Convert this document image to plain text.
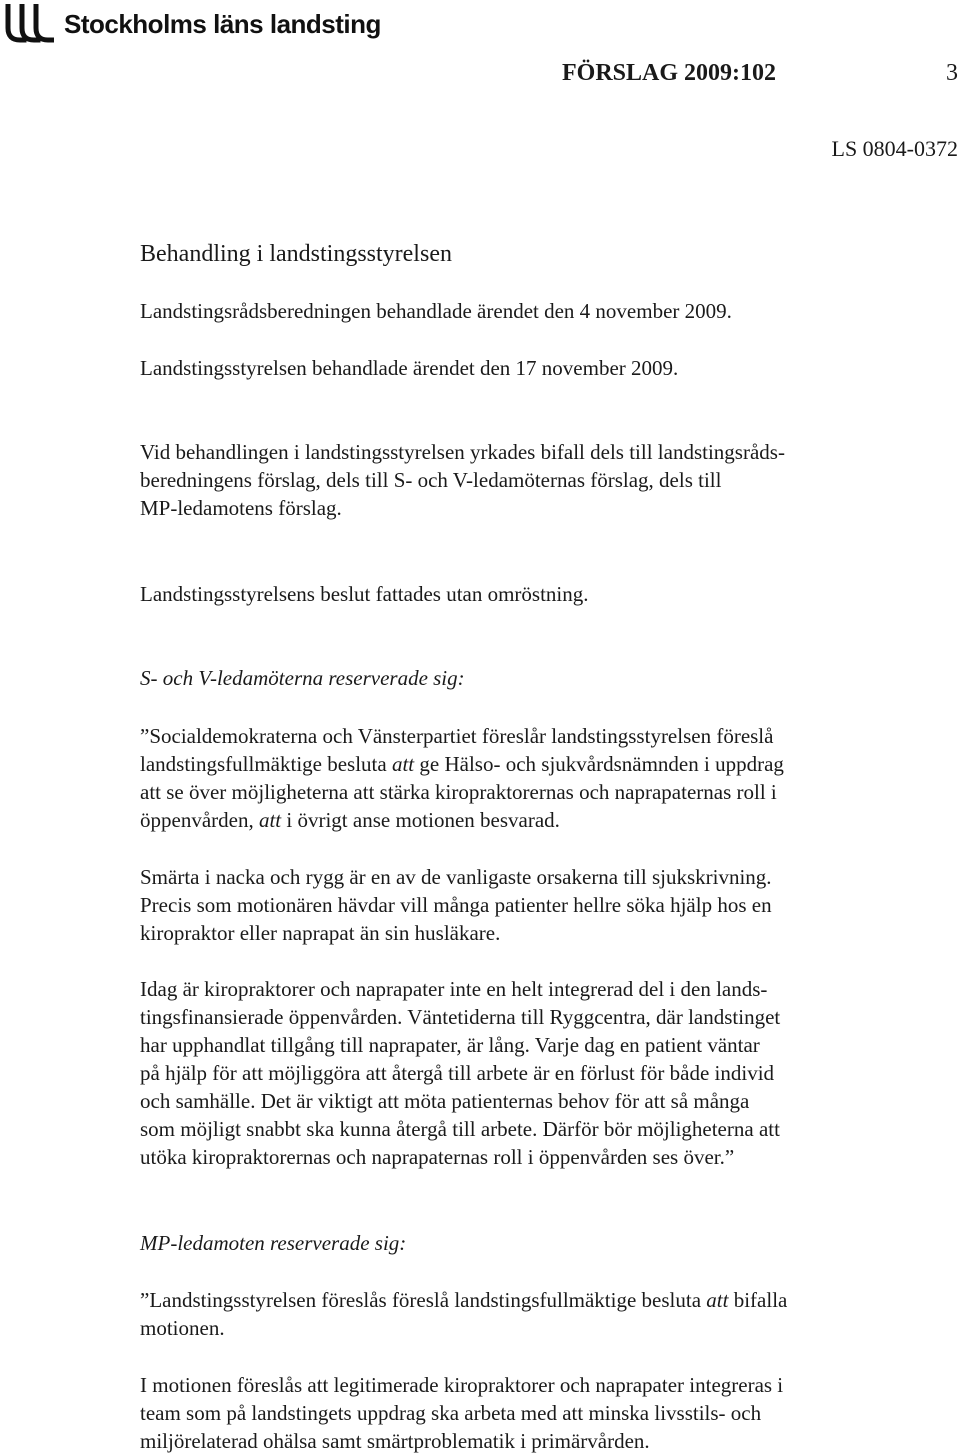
Stockholms läns landsting
FÖRSLAG 2009:102	3
LS 0804-0372
Behandling i landstingsstyrelsen

Landstingsrådsberedningen behandlade ärendet den 4 november 2009.

Landstingsstyrelsen behandlade ärendet den 17 november 2009.

Vid behandlingen i landstingsstyrelsen yrkades bifall dels till landstingsråds-

beredningens förslag, dels till S- och V-ledamöternas förslag, dels till

MP-ledamotens förslag.

Landstingsstyrelsens beslut fattades utan omröstning.

S- och V-ledamöterna reserverade sig:

”Socialdemokraterna och Vänsterpartiet föreslår landstingsstyrelsen föreslå

landstingsfullmäktige besluta att ge Hälso- och sjukvårdsnämnden i uppdrag

att se över möjligheterna att stärka kiropraktorernas och naprapaternas roll i

öppenvården, att i övrigt anse motionen besvarad.

Smärta i nacka och rygg är en av de vanligaste orsakerna till sjukskrivning.

Precis som motionären hävdar vill många patienter hellre söka hjälp hos en

kiropraktor eller naprapat än sin husläkare.

Idag är kiropraktorer och naprapater inte en helt integrerad del i den lands-

tingsfinansierade öppenvården. Väntetiderna till Ryggcentra, där landstinget

har upphandlat tillgång till naprapater, är lång. Varje dag en patient väntar

på hjälp för att möjliggöra att återgå till arbete är en förlust för både individ

och samhälle. Det är viktigt att möta patienternas behov för att så många

som möjligt snabbt ska kunna återgå till arbete. Därför bör möjligheterna att

utöka kiropraktorernas och naprapaternas roll i öppenvården ses över.”

MP-ledamoten reserverade sig:

”Landstingsstyrelsen föreslås föreslå landstingsfullmäktige besluta att bifalla

motionen.

I motionen föreslås att legitimerade kiropraktorer och naprapater integreras i

team som på landstingets uppdrag ska arbeta med att minska livsstils- och

miljörelaterad ohälsa samt smärtproblematik i primärvården.
